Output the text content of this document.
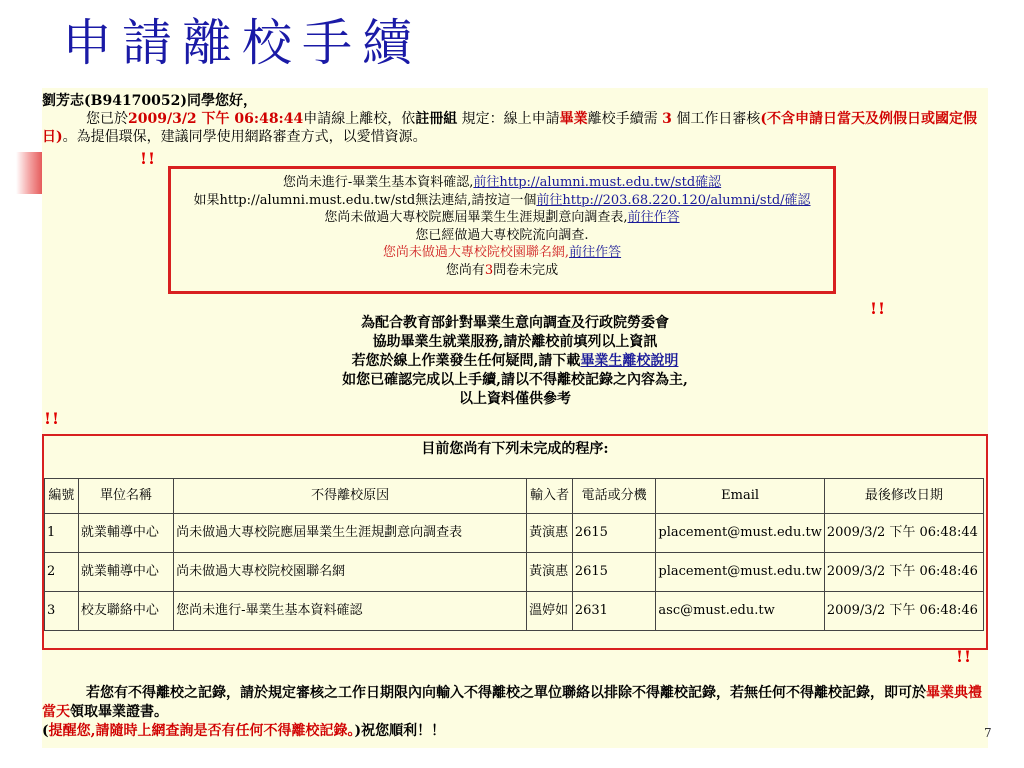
申請離校手續
劉芳志(B94170052)同學您好，
您已於2009/3/2 下午 06:48:44申請線上離校，依註冊組 規定：線上申請畢業離校手續需 3 個工作日審核(不含申請日當天及例假日或國定假日)。為提倡環保，建議同學使用網路審查方式，以愛惜資源。
!!
您尚未進行-畢業生基本資料確認,前往http://alumni.must.edu.tw/std確認
如果http://alumni.must.edu.tw/std無法連結,請按這一個前往http://203.68.220.120/alumni/std/確認
您尚未做過大專校院應屆畢業生生涯規劃意向調查表,前往作答
您已經做過大專校院流向調查.
您尚未做過大專校院校園聯名網,前往作答
您尚有3問卷未完成
!!
為配合教育部針對畢業生意向調查及行政院勞委會
協助畢業生就業服務,請於離校前填列以上資訊
若您於線上作業發生任何疑問,請下載畢業生離校說明
如您已確認完成以上手續,請以不得離校記錄之內容為主,
以上資料僅供參考
!!
目前您尚有下列未完成的程序:
編號	單位名稱	不得離校原因	輸入者	電話或分機	Email	最後修改日期
1	就業輔導中心	尚未做過大專校院應屆畢業生生涯規劃意向調查表	黃演惠	2615	placement@must.edu.tw	2009/3/2 下午 06:48:44
2	就業輔導中心	尚未做過大專校院校園聯名網	黃演惠	2615	placement@must.edu.tw	2009/3/2 下午 06:48:46
3	校友聯絡中心	您尚未進行-畢業生基本資料確認	溫婷如	2631	asc@must.edu.tw	2009/3/2 下午 06:48:46
!!
若您有不得離校之記錄，請於規定審核之工作日期限內向輸入不得離校之單位聯絡以排除不得離校記錄，若無任何不得離校記錄，即可於畢業典禮當天領取畢業證書。
(提醒您,請隨時上網查詢是否有任何不得離校記錄。)祝您順利！！	7
